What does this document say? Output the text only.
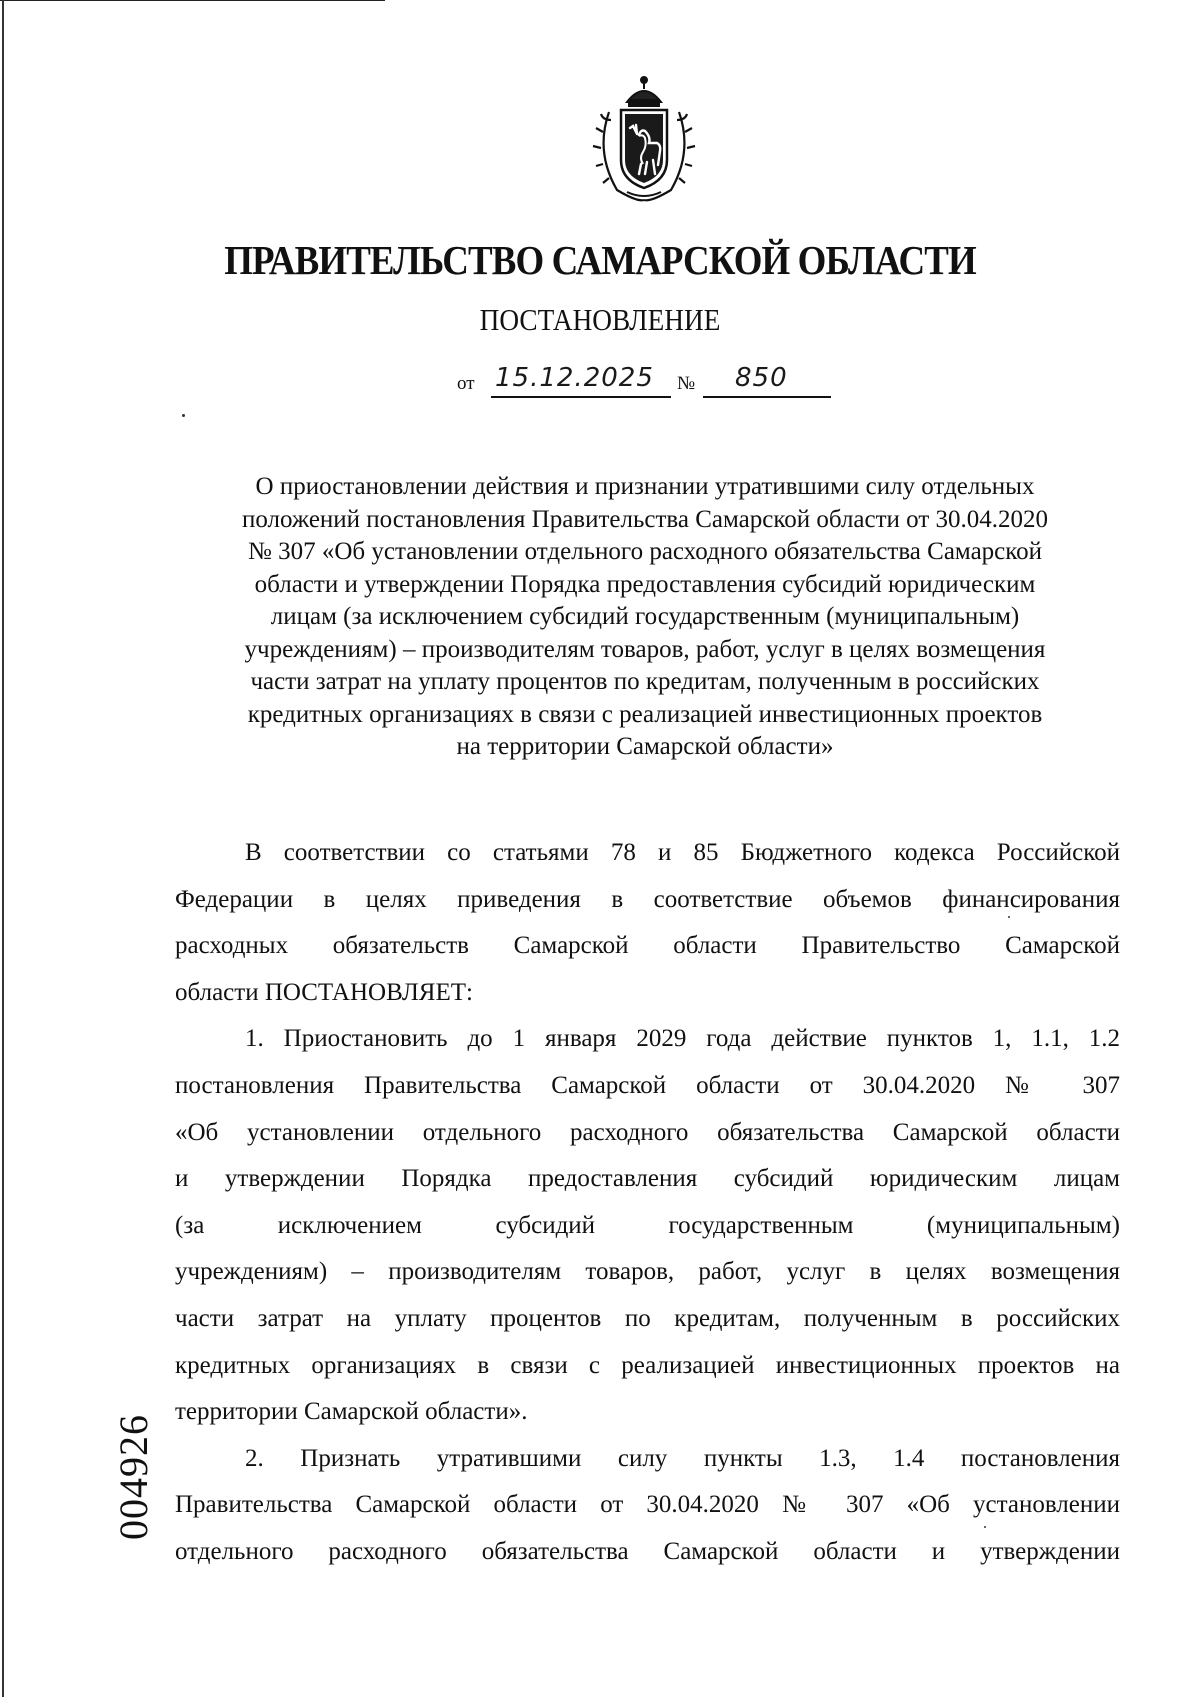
ПРАВИТЕЛЬСТВО САМАРСКОЙ ОБЛАСТИ
ПОСТАНОВЛЕНИЕ
от 15.12.2025 № 850
О приостановлении действия и признании утратившими силу отдельных
положений постановления Правительства Самарской области от 30.04.2020
№ 307 «Об установлении отдельного расходного обязательства Самарской
области и утверждении Порядка предоставления субсидий юридическим
лицам (за исключением субсидий государственным (муниципальным)
учреждениям) – производителям товаров, работ, услуг в целях возмещения
части затрат на уплату процентов по кредитам, полученным в российских
кредитных организациях в связи с реализацией инвестиционных проектов
на территории Самарской области»
В соответствии со статьями 78 и 85 Бюджетного кодекса Российской
Федерации в целях приведения в соответствие объемов финансирования
расходных обязательств Самарской области Правительство Самарской
области ПОСТАНОВЛЯЕТ:
1. Приостановить до 1 января 2029 года действие пунктов 1, 1.1, 1.2
постановления Правительства Самарской области от 30.04.2020 № 307
«Об установлении отдельного расходного обязательства Самарской области
и утверждении Порядка предоставления субсидий юридическим лицам
(за исключением субсидий государственным (муниципальным)
учреждениям) – производителям товаров, работ, услуг в целях возмещения
части затрат на уплату процентов по кредитам, полученным в российских
кредитных организациях в связи с реализацией инвестиционных проектов на
территории Самарской области».
2. Признать утратившими силу пункты 1.3, 1.4 постановления
Правительства Самарской области от 30.04.2020 № 307 «Об установлении
отдельного расходного обязательства Самарской области и утверждении
004926
